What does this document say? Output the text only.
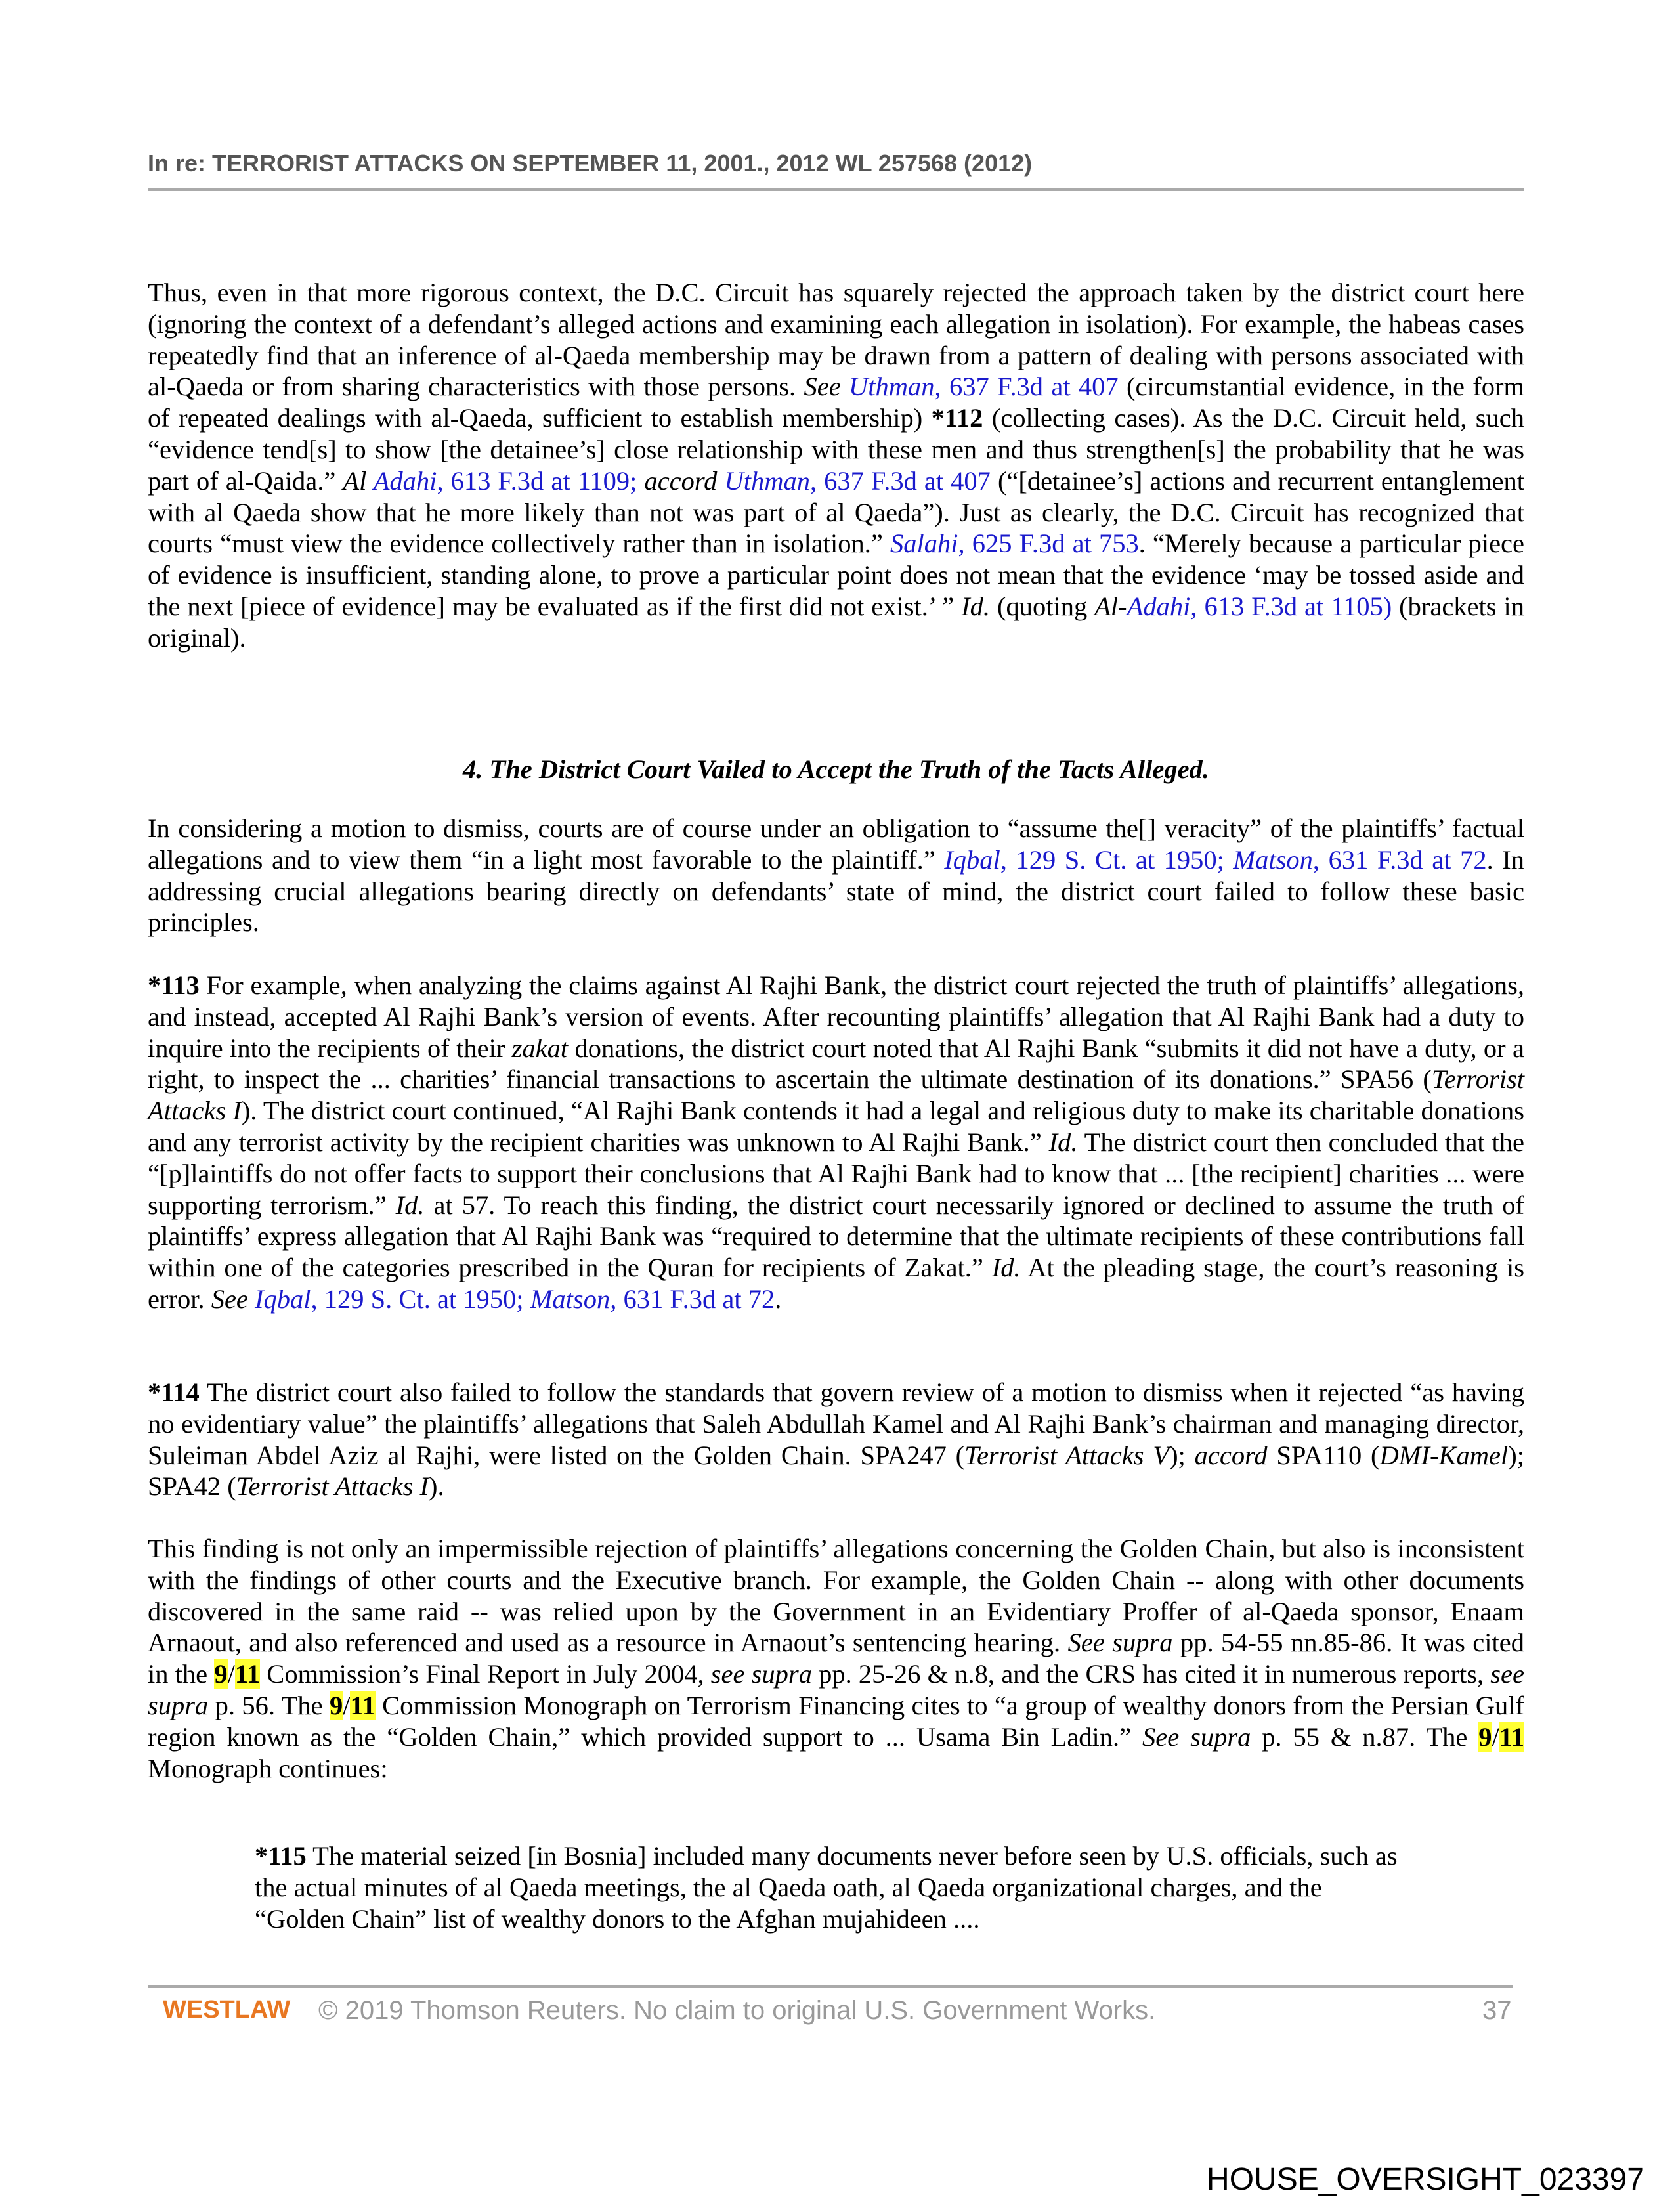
In re: TERRORIST ATTACKS ON SEPTEMBER 11, 2001., 2012 WL 257568 (2012)

Thus, even in that more rigorous context, the D.C. Circuit has squarely rejected the approach taken by the district court here (ignoring the context of a defendant’s alleged actions and examining each allegation in isolation). For example, the habeas cases repeatedly find that an inference of al-Qaeda membership may be drawn from a pattern of dealing with persons associated with al-Qaeda or from sharing characteristics with those persons. See Uthman, 637 F.3d at 407 (circumstantial evidence, in the form of repeated dealings with al-Qaeda, sufficient to establish membership) *112 (collecting cases). As the D.C. Circuit held, such “evidence tend[s] to show [the detainee’s] close relationship with these men and thus strengthen[s] the probability that he was part of al-Qaida.” Al Adahi, 613 F.3d at 1109; accord Uthman, 637 F.3d at 407 (“[detainee’s] actions and recurrent entanglement with al Qaeda show that he more likely than not was part of al Qaeda”). Just as clearly, the D.C. Circuit has recognized that courts “must view the evidence collectively rather than in isolation.” Salahi, 625 F.3d at 753. “Merely because a particular piece of evidence is insufficient, standing alone, to prove a particular point does not mean that the evidence ‘may be tossed aside and the next [piece of evidence] may be evaluated as if the first did not exist.’ ” Id. (quoting Al-Adahi, 613 F.3d at 1105) (brackets in original).

4. The District Court Vailed to Accept the Truth of the Tacts Alleged.

In considering a motion to dismiss, courts are of course under an obligation to “assume the[] veracity” of the plaintiffs’ factual allegations and to view them “in a light most favorable to the plaintiff.” Iqbal, 129 S. Ct. at 1950; Matson, 631 F.3d at 72. In addressing crucial allegations bearing directly on defendants’ state of mind, the district court failed to follow these basic principles.

*113 For example, when analyzing the claims against Al Rajhi Bank, the district court rejected the truth of plaintiffs’ allegations, and instead, accepted Al Rajhi Bank’s version of events. After recounting plaintiffs’ allegation that Al Rajhi Bank had a duty to inquire into the recipients of their zakat donations, the district court noted that Al Rajhi Bank “submits it did not have a duty, or a right, to inspect the ... charities’ financial transactions to ascertain the ultimate destination of its donations.” SPA56 (Terrorist Attacks I). The district court continued, “Al Rajhi Bank contends it had a legal and religious duty to make its charitable donations and any terrorist activity by the recipient charities was unknown to Al Rajhi Bank.” Id. The district court then concluded that the “[p]laintiffs do not offer facts to support their conclusions that Al Rajhi Bank had to know that ... [the recipient] charities ... were supporting terrorism.” Id. at 57. To reach this finding, the district court necessarily ignored or declined to assume the truth of plaintiffs’ express allegation that Al Rajhi Bank was “required to determine that the ultimate recipients of these contributions fall within one of the categories prescribed in the Quran for recipients of Zakat.” Id. At the pleading stage, the court’s reasoning is error. See Iqbal, 129 S. Ct. at 1950; Matson, 631 F.3d at 72.

*114 The district court also failed to follow the standards that govern review of a motion to dismiss when it rejected “as having no evidentiary value” the plaintiffs’ allegations that Saleh Abdullah Kamel and Al Rajhi Bank’s chairman and managing director, Suleiman Abdel Aziz al Rajhi, were listed on the Golden Chain. SPA247 (Terrorist Attacks V); accord SPA110 (DMI-Kamel); SPA42 (Terrorist Attacks I).

This finding is not only an impermissible rejection of plaintiffs’ allegations concerning the Golden Chain, but also is inconsistent with the findings of other courts and the Executive branch. For example, the Golden Chain -- along with other documents discovered in the same raid -- was relied upon by the Government in an Evidentiary Proffer of al-Qaeda sponsor, Enaam Arnaout, and also referenced and used as a resource in Arnaout’s sentencing hearing. See supra pp. 54-55 nn.85-86. It was cited in the 9/11 Commission’s Final Report in July 2004, see supra pp. 25-26 & n.8, and the CRS has cited it in numerous reports, see supra p. 56. The 9/11 Commission Monograph on Terrorism Financing cites to “a group of wealthy donors from the Persian Gulf region known as the “Golden Chain,” which provided support to ... Usama Bin Ladin.” See supra p. 55 & n.87. The 9/11 Monograph continues:

*115 The material seized [in Bosnia] included many documents never before seen by U.S. officials, such as the actual minutes of al Qaeda meetings, the al Qaeda oath, al Qaeda organizational charges, and the “Golden Chain” list of wealthy donors to the Afghan mujahideen ....

WESTLAW © 2019 Thomson Reuters. No claim to original U.S. Government Works.	37
HOUSE_OVERSIGHT_023397
